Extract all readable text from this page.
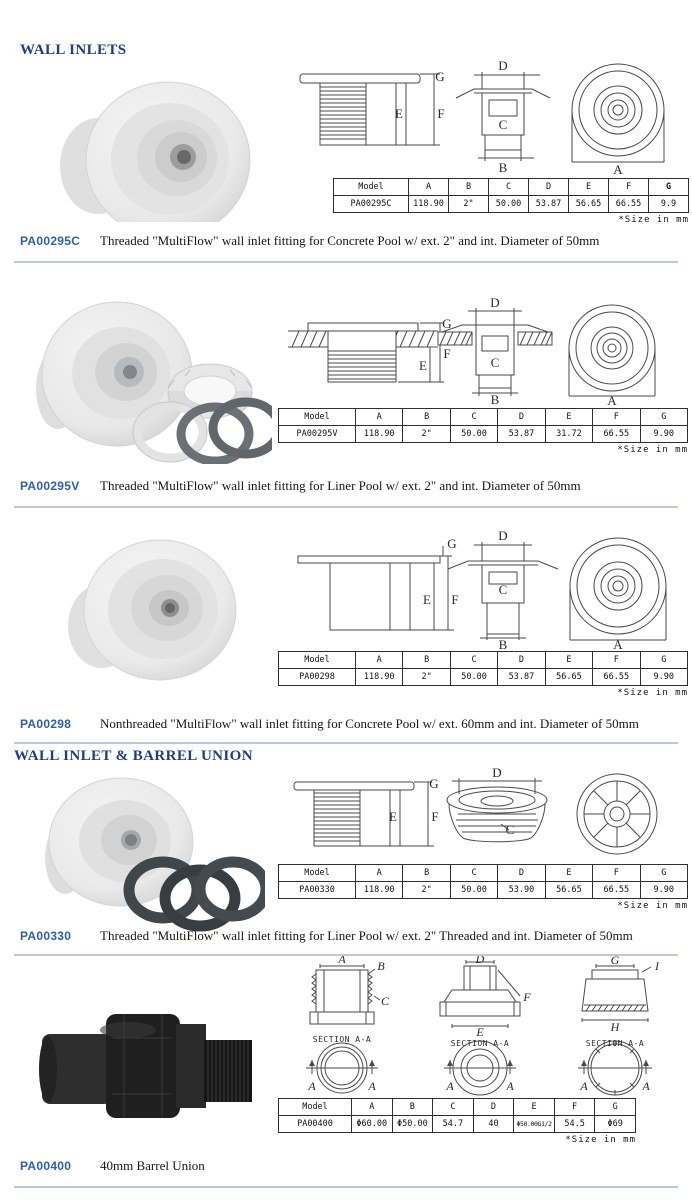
WALL INLETS
G
E	F
D
C
B	A
Model	A	B	C	D	E	F	G
PA00295C	118.90	2"	50.00	53.87	56.65	66.55	9.9
*Size in mm
PA00295C	Threaded "MultiFlow" wall inlet fitting for Concrete Pool w/ ext. 2" and int. Diameter of 50mm
G
F
E
D
C
B	A
Model	A	B	C	D	E	F	G
PA00295V	118.90	2"	50.00	53.87	31.72	66.55	9.90
*Size in mm
PA00295V	Threaded "MultiFlow" wall inlet fitting for Liner Pool w/ ext. 2" and int. Diameter of 50mm
G
E F
D
C
B	A
Model	A	B	C	D	E	F	G
PA00298	118.90	2"	50.00	53.87	56.65	66.55	9.90
*Size in mm
PA00298	Nonthreaded "MultiFlow" wall inlet fitting for Concrete Pool w/ ext. 60mm and int. Diameter of 50mm
WALL INLET & BARREL UNION
G
E	F
D
C
Model	A	B	C	D	E	F	G
PA00330	118.90	2"	50.00	53.90	56.65	66.55	9.90
*Size in mm
PA00330	Threaded "MultiFlow" wall inlet fitting for Liner Pool w/ ext. 2" Threaded and int. Diameter of 50mm
A	B
C
SECTION A-A
A	A
D
F
E
SECTION A-A
A	A
G	I
H
SECTION A-A
A	A
Model	A	B	C	D	E	F	G
PA00400	Φ60.00	Φ50.00	54.7	40	Φ50.00G1/2	54.5	Φ69
*Size in mm
PA00400	40mm Barrel Union
